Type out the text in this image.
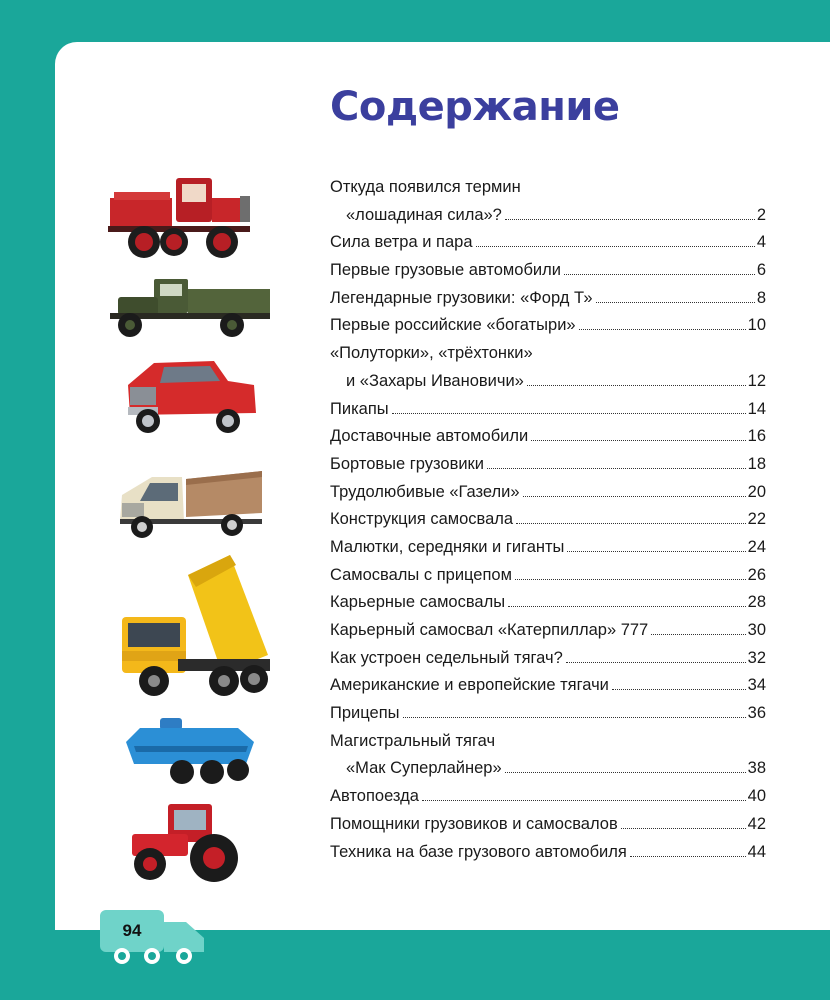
Содержание
Откуда появился термин
«лошадиная сила»?	2
Сила ветра и пара	4
Первые грузовые автомобили	6
Легендарные грузовики: «Форд Т»	8
Первые российские «богатыри»	10
«Полуторки», «трёхтонки»
и «Захары Ивановичи»	12
Пикапы	14
Доставочные автомобили	16
Бортовые грузовики	18
Трудолюбивые «Газели»	20
Конструкция самосвала	22
Малютки, середняки и гиганты	24
Самосвалы с прицепом	26
Карьерные самосвалы	28
Карьерный самосвал «Катерпиллар» 777	30
Как устроен седельный тягач?	32
Американские и европейские тягачи	34
Прицепы	36
Магистральный тягач
«Мак Суперлайнер»	38
Автопоезда	40
Помощники грузовиков и самосвалов	42
Техника на базе грузового автомобиля	44
94
